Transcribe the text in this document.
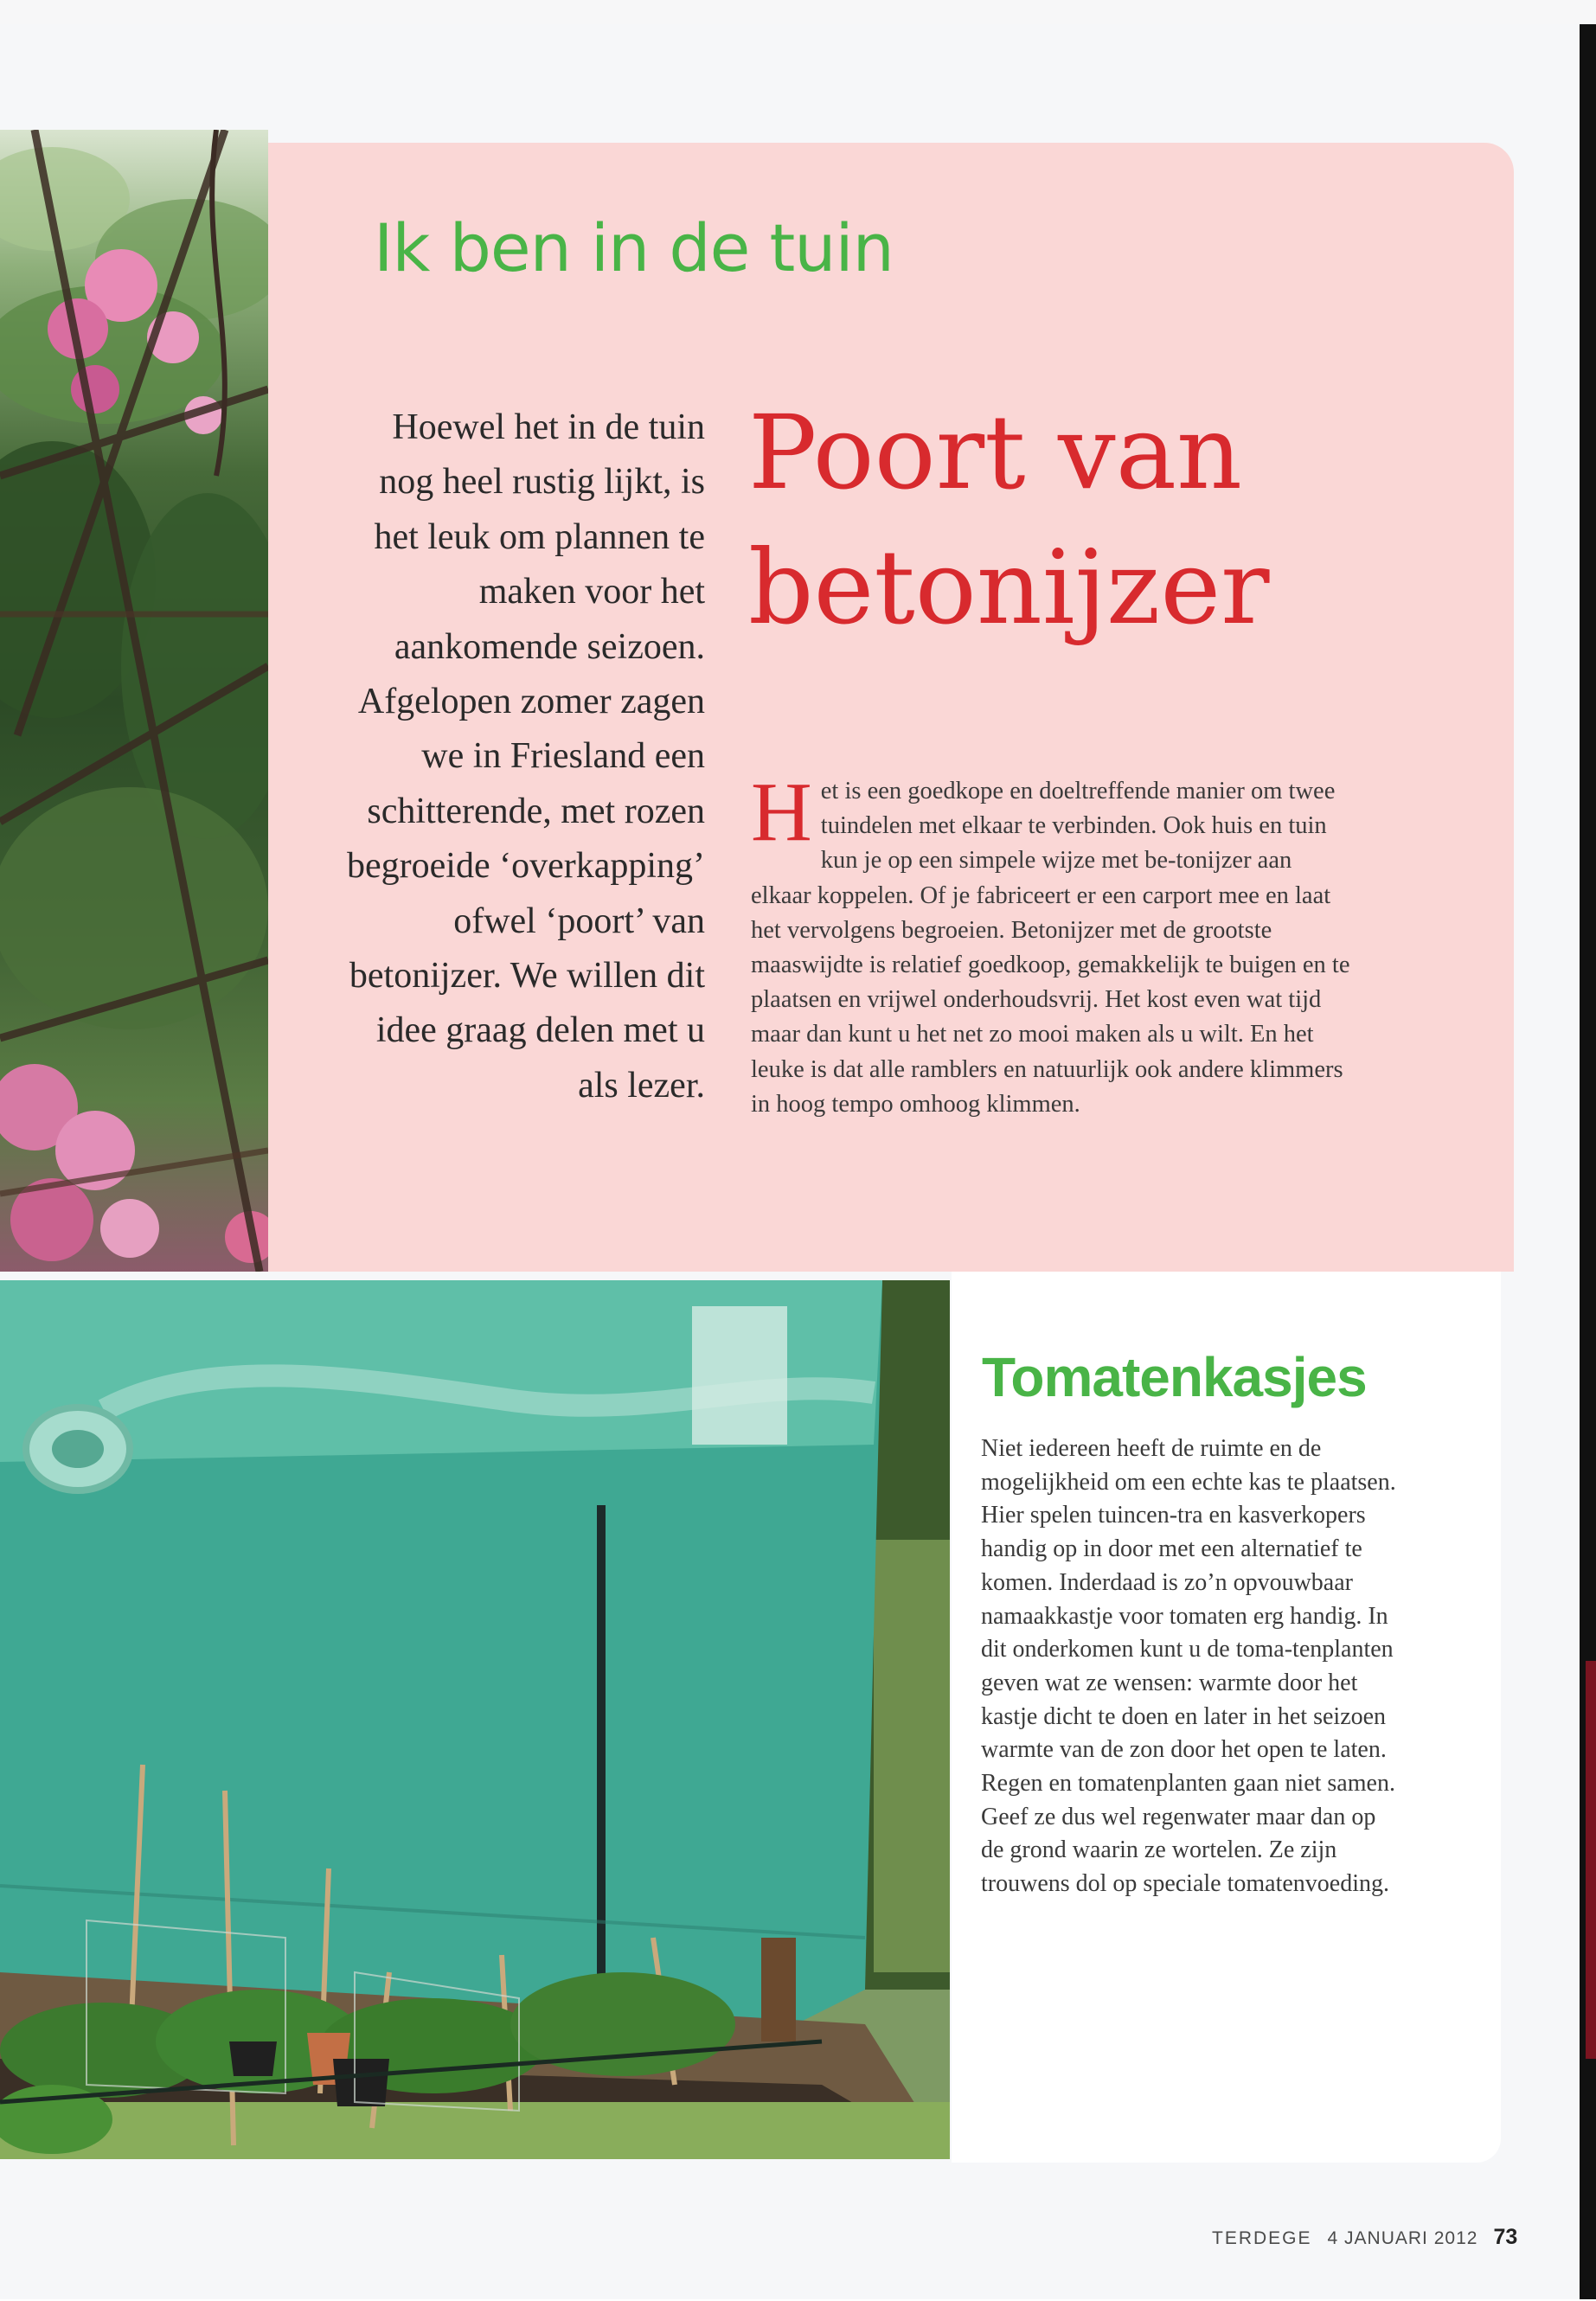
Ik ben in de tuin

Hoewel het in de tuin nog heel rustig lijkt, is het leuk om plannen te maken voor het aankomende seizoen. Afgelopen zomer zagen we in Friesland een schitterende, met rozen begroeide ‘overkapping’ ofwel ‘poort’ van betonijzer. We willen dit idee graag delen met u als lezer.

Poort van
betonijzer

Het is een goedkope en doeltreffende manier om twee tuindelen met elkaar te verbinden. Ook huis en tuin kun je op een simpele wijze met be-tonijzer aan elkaar koppelen. Of je fabriceert er een carport mee en laat het vervolgens begroeien. Betonijzer met de grootste maaswijdte is relatief goedkoop, gemakkelijk te buigen en te plaatsen en vrijwel onderhoudsvrij. Het kost even wat tijd maar dan kunt u het net zo mooi maken als u wilt. En het leuke is dat alle ramblers en natuurlijk ook andere klimmers in hoog tempo omhoog klimmen.

Tomatenkasjes

Niet iedereen heeft de ruimte en de mogelijkheid om een echte kas te plaatsen. Hier spelen tuincen-tra en kasverkopers handig op in door met een alternatief te komen. Inderdaad is zo’n opvouwbaar namaakkastje voor tomaten erg handig. In dit onderkomen kunt u de toma-tenplanten geven wat ze wensen: warmte door het kastje dicht te doen en later in het seizoen warmte van de zon door het open te laten. Regen en tomatenplanten gaan niet samen. Geef ze dus wel regenwater maar dan op de grond waarin ze wortelen. Ze zijn trouwens dol op speciale tomatenvoeding.

TERDEGE 4 JANUARI 2012 73
